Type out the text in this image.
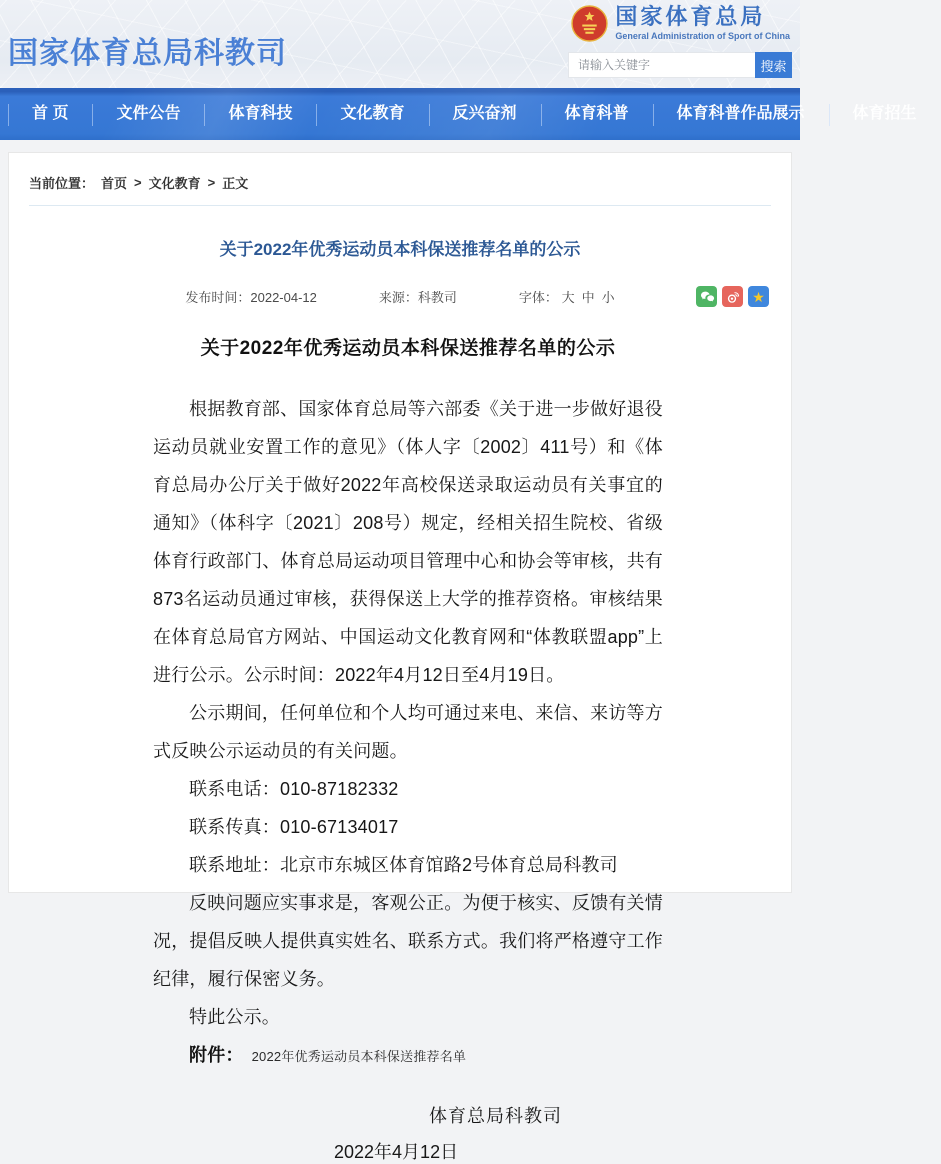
国家体育总局科教司
国家体育总局
General Administration of Sport of China
请输入关键字
搜索
首 页	文件公告	体育科技	文化教育	反兴奋剂	体育科普	体育科普作品展示	体育招生
当前位置： 首页 > 文化教育 > 正文
关于2022年优秀运动员本科保送推荐名单的公示
发布时间：2022-04-12	来源：科教司	字体： 大 中 小	★
关于2022年优秀运动员本科保送推荐名单的公示

根据教育部、国家体育总局等六部委《关于进一步做好退役运动员就业安置工作的意见》（体人字〔2002〕411号）和《体育总局办公厅关于做好2022年高校保送录取运动员有关事宜的通知》（体科字〔2021〕208号）规定，经相关招生院校、省级体育行政部门、体育总局运动项目管理中心和协会等审核，共有873名运动员通过审核，获得保送上大学的推荐资格。审核结果在体育总局官方网站、中国运动文化教育网和“体教联盟app”上进行公示。公示时间：2022年4月12日至4月19日。

公示期间，任何单位和个人均可通过来电、来信、来访等方式反映公示运动员的有关问题。

联系电话：010-87182332

联系传真：010-67134017

联系地址：北京市东城区体育馆路2号体育总局科教司

反映问题应实事求是，客观公正。为便于核实、反馈有关情况，提倡反映人提供真实姓名、联系方式。我们将严格遵守工作纪律，履行保密义务。

特此公示。

附件： 2022年优秀运动员本科保送推荐名单

体育总局科教司
2022年4月12日
